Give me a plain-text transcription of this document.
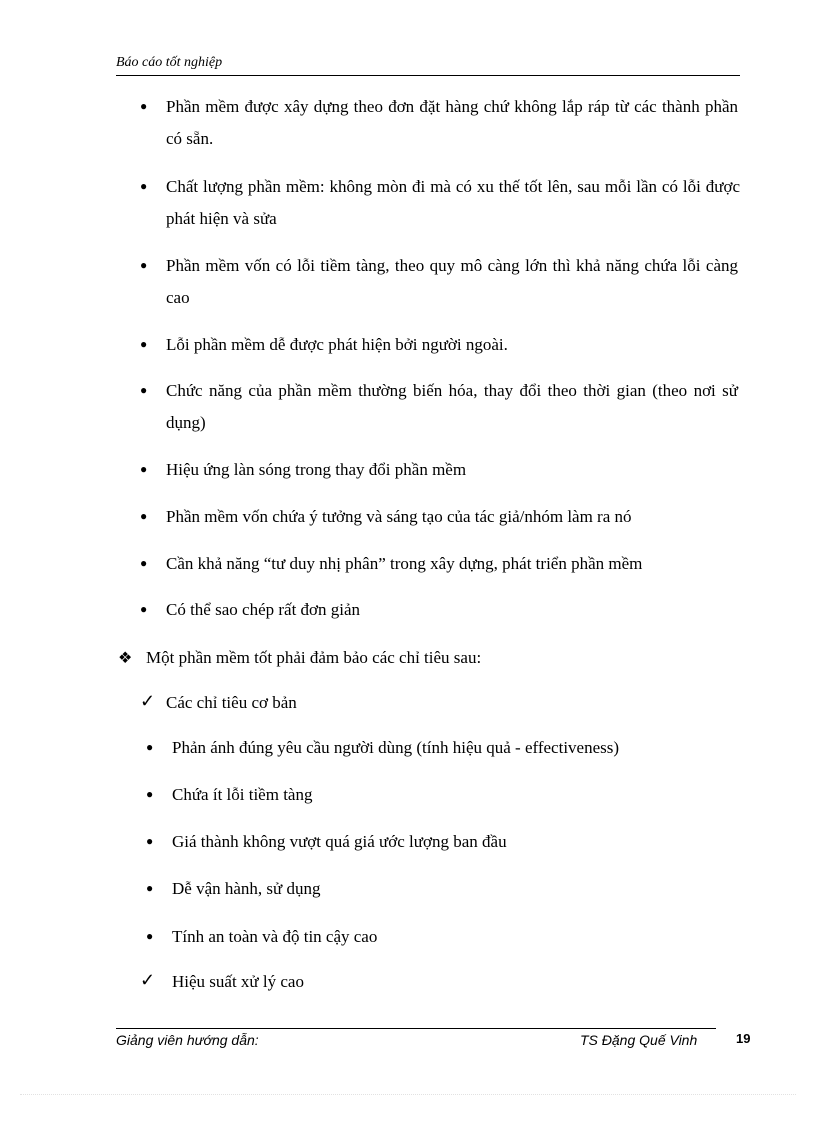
Báo cáo tốt nghiệp
● Phần mềm được xây dựng theo đơn đặt hàng chứ không lắp ráp từ các thành phần có sẵn.
● Chất lượng phần mềm: không mòn đi mà có xu thế tốt lên, sau mỗi lần có lỗi được phát hiện và sửa
● Phần mềm vốn có lỗi tiềm tàng, theo quy mô càng lớn thì khả năng chứa lỗi càng cao
● Lỗi phần mềm dễ được phát hiện bởi người ngoài.
● Chức năng của phần mềm thường biến hóa, thay đổi theo thời gian (theo nơi sử dụng)
● Hiệu ứng làn sóng trong thay đổi phần mềm
● Phần mềm vốn chứa ý tưởng và sáng tạo của tác giả/nhóm làm ra nó
● Cần khả năng “tư duy nhị phân” trong xây dựng, phát triển phần mềm
● Có thể sao chép rất đơn giản
❖ Một phần mềm tốt phải đảm bảo các chỉ tiêu sau:
✓ Các chỉ tiêu cơ bản
● Phản ánh đúng yêu cầu người dùng (tính hiệu quả - effectiveness)
● Chứa ít lỗi tiềm tàng
● Giá thành không vượt quá giá ước lượng ban đầu
● Dễ vận hành, sử dụng
● Tính an toàn và độ tin cậy cao
✓ Hiệu suất xử lý cao
Giảng viên hướng dẫn:	TS Đặng Quế Vinh	19
